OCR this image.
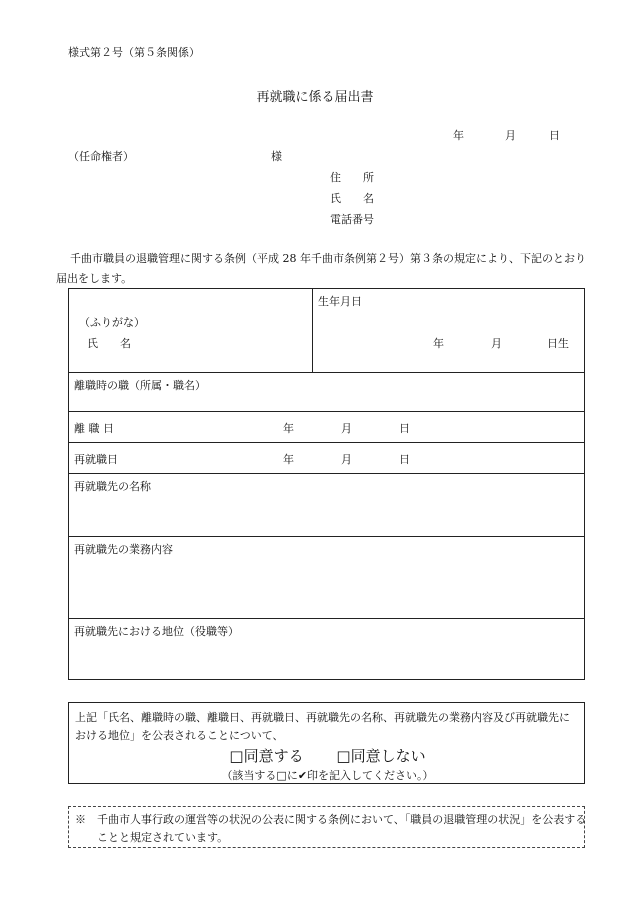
様式第２号（第５条関係）
再就職に係る届出書
年	月	日
（任命権者）	様
住　　所
氏　　名
電話番号
千曲市職員の退職管理に関する条例（平成 28 年千曲市条例第２号）第３条の規定により、下記のとおり届出をします。
（ふりがな）
氏　　名
生年月日
年	月	日生
離職時の職（所属・職名）
離 職 日	年	月	日
再就職日	年	月	日
再就職先の名称
再就職先の業務内容
再就職先における地位（役職等）
上記「氏名、離職時の職、離職日、再就職日、再就職先の名称、再就職先の業務内容及び再就職先における地位」を公表されることについて、
□同意する □同意しない
（該当する□に✔印を記入してください。）
※　千曲市人事行政の運営等の状況の公表に関する条例において、「職員の退職管理の状況」を公表することと規定されています。
